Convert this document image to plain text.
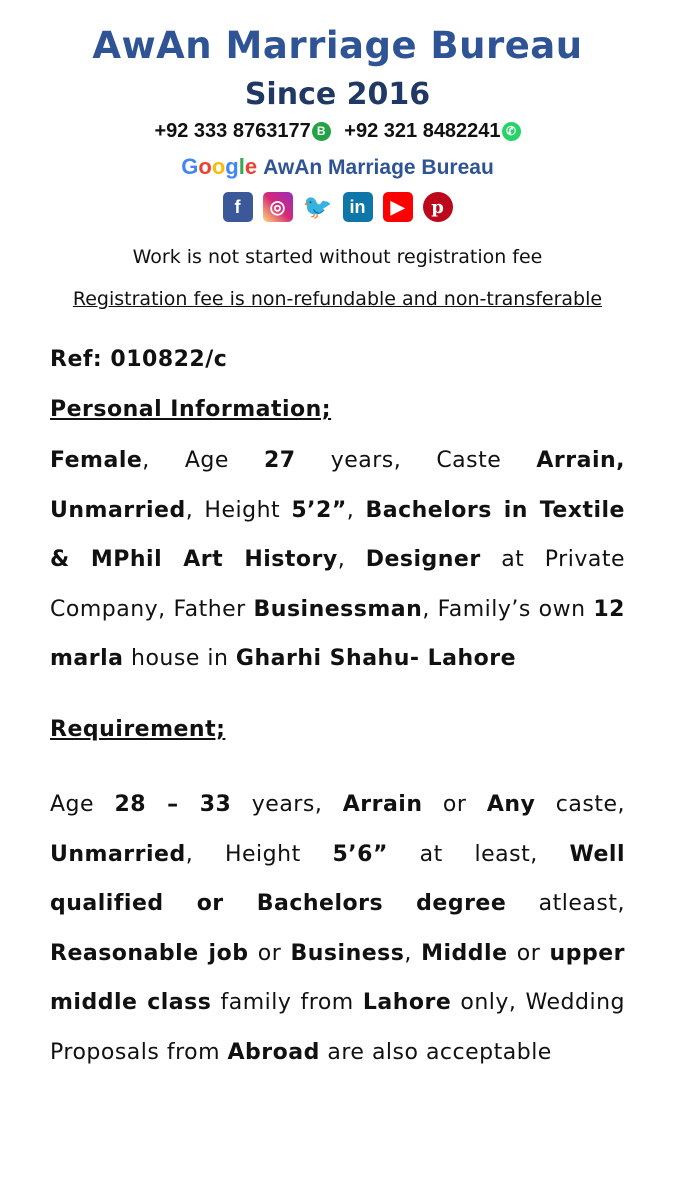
AwAn Marriage Bureau
Since 2016
+92 333 8763177 B
+92 321 8482241 ✆
Google AwAn Marriage Bureau
f	◎ 🐦 in	▶	p
Work is not started without registration fee
Registration fee is non-refundable and non-transferable
Ref: 010822/c
Personal Information;
Female, Age 27 years, Caste Arrain, Unmarried, Height 5’2”, Bachelors in Textile & MPhil Art History, Designer at Private Company, Father Businessman, Family’s own 12 marla house in Gharhi Shahu- Lahore
Requirement;
Age 28 – 33 years, Arrain or Any caste, Unmarried, Height 5’6” at least, Well qualified or Bachelors degree atleast, Reasonable job or Business, Middle or upper middle class family from Lahore only, Wedding Proposals from Abroad are also acceptable
